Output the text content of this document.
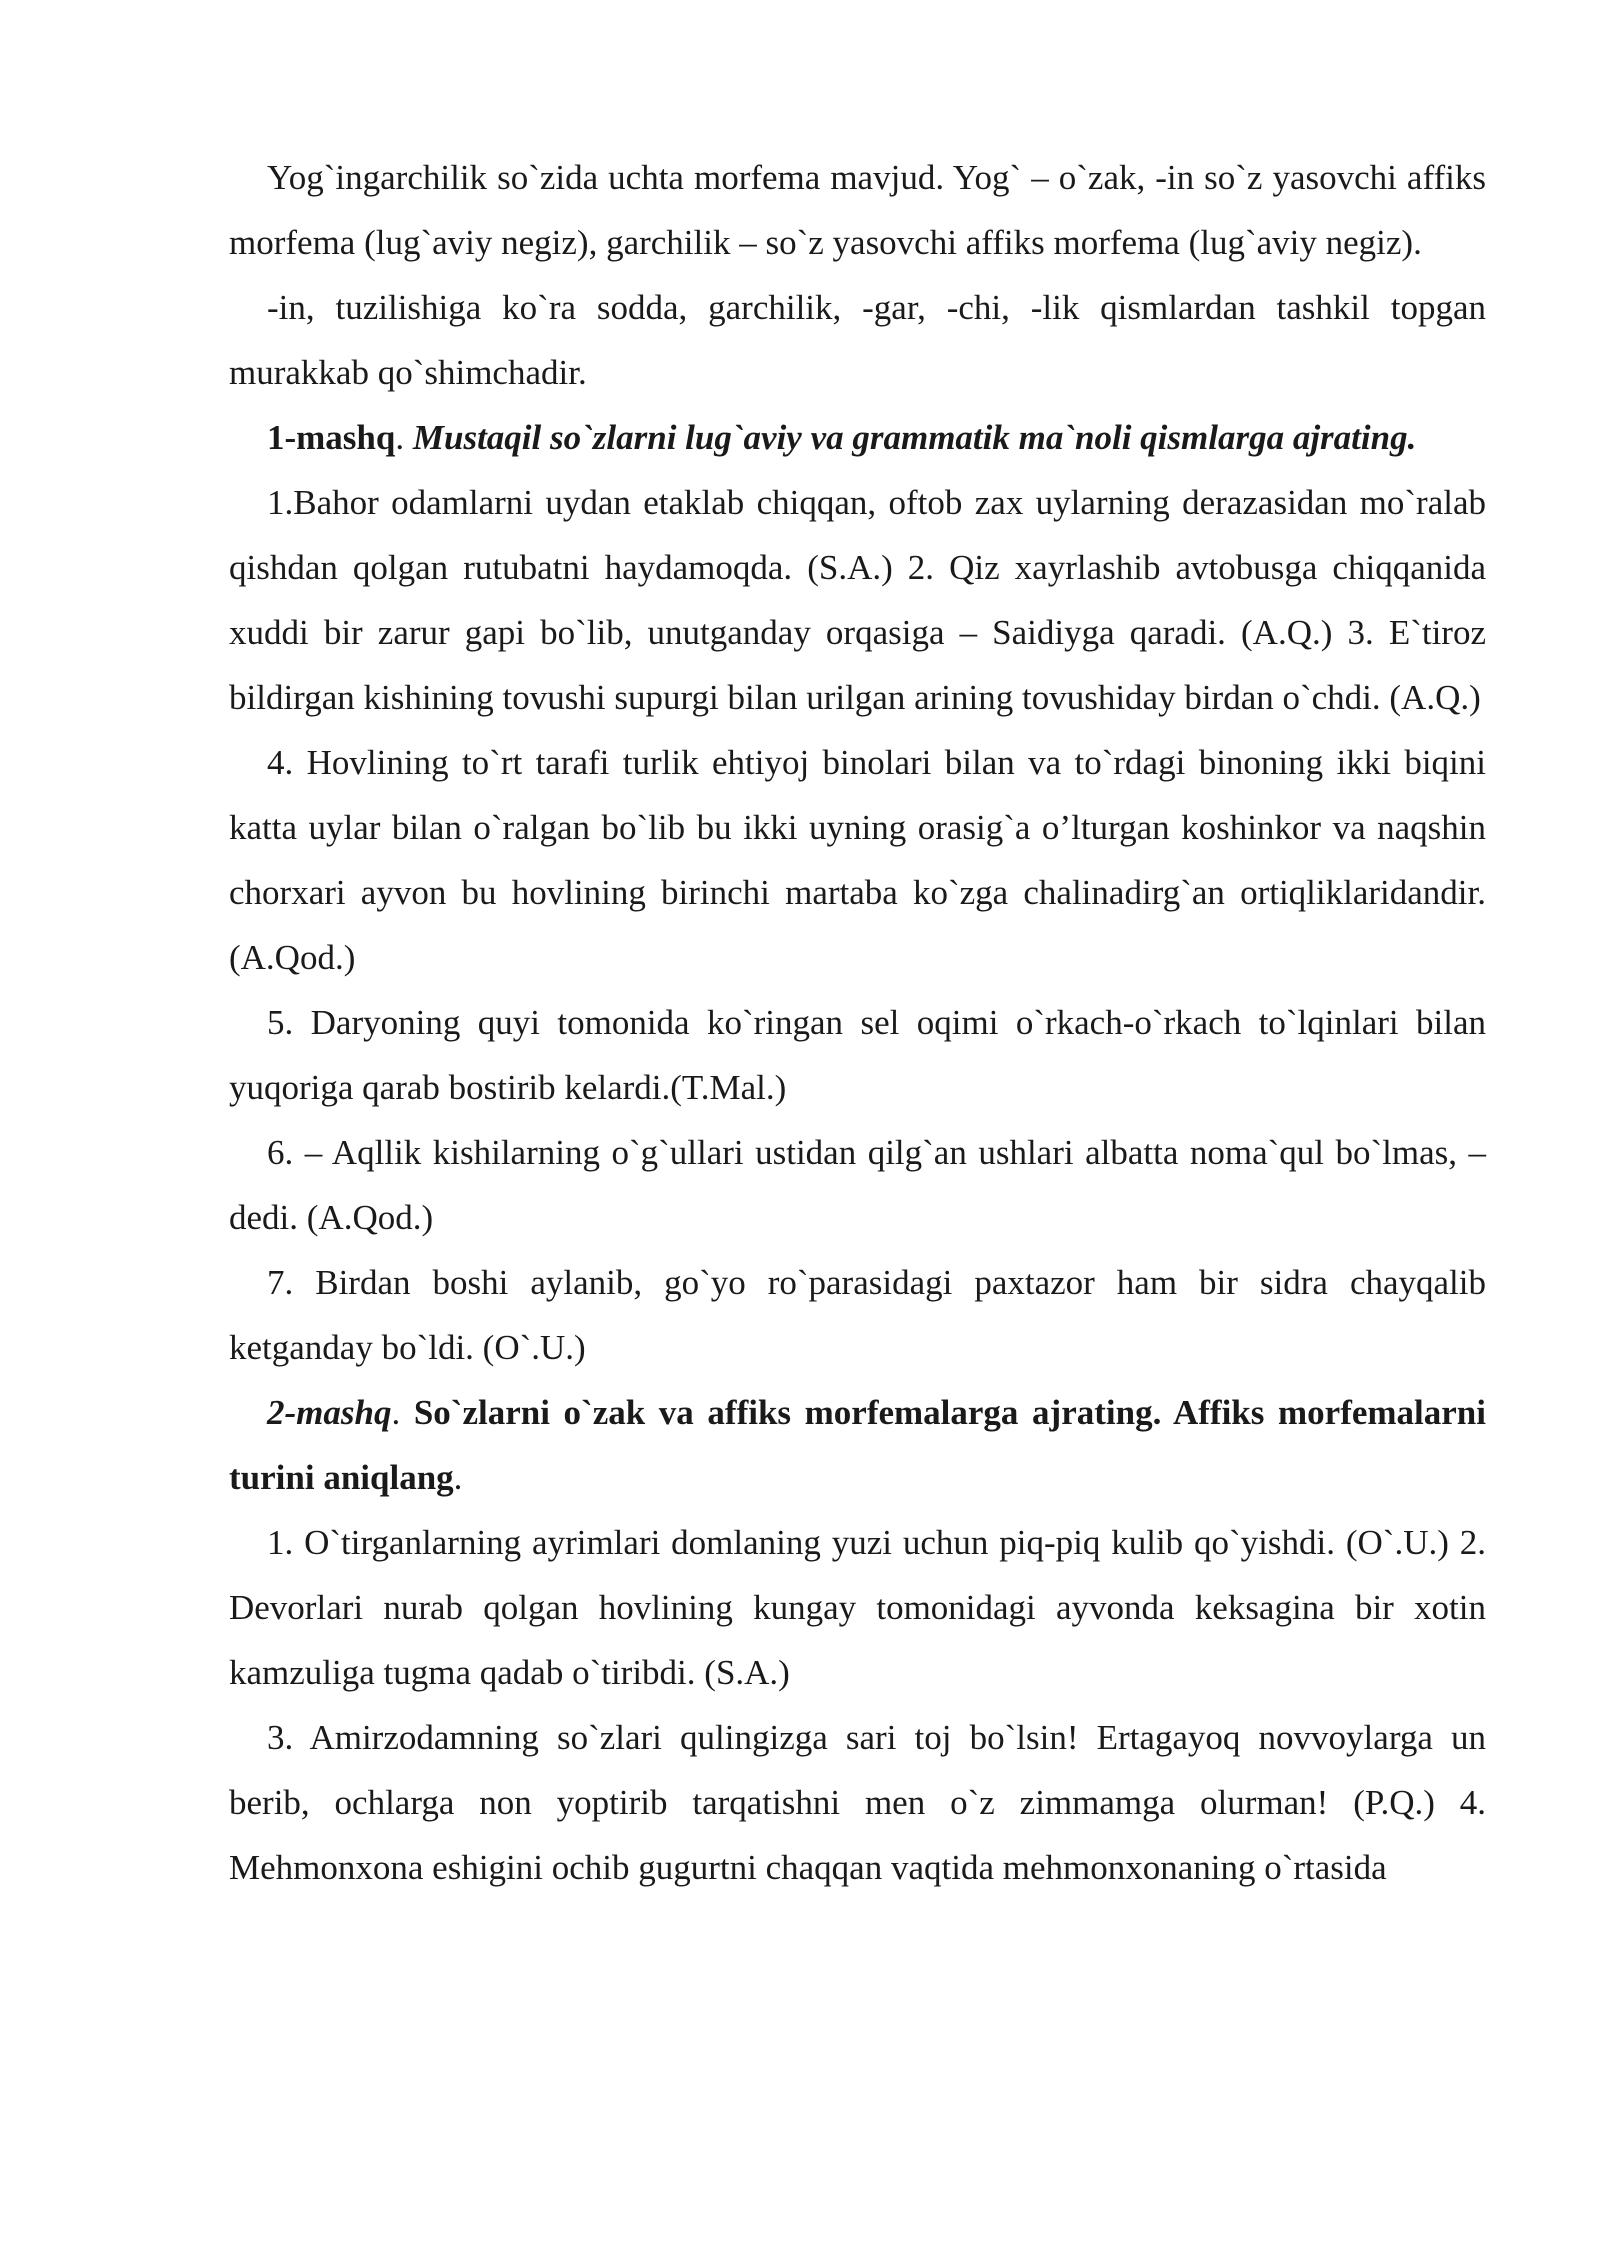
Yog`ingarchilik so`zida uchta morfema mavjud. Yog` – o`zak, -in so`z yasovchi affiks morfema (lug`aviy negiz), garchilik – so`z yasovchi affiks morfema (lug`aviy negiz).

-in, tuzilishiga ko`ra sodda, garchilik, -gar, -chi, -lik qismlardan tashkil topgan murakkab qo`shimchadir.

1-mashq. Mustaqil so`zlarni lug`aviy va grammatik ma`noli qismlarga ajrating.

1.Bahor odamlarni uydan etaklab chiqqan, oftob zax uylarning derazasidan mo`ralab qishdan qolgan rutubatni haydamoqda. (S.A.) 2. Qiz xayrlashib avtobusga chiqqanida xuddi bir zarur gapi bo`lib, unutganday orqasiga – Saidiyga qaradi. (A.Q.) 3. E`tiroz bildirgan kishining tovushi supurgi bilan urilgan arining tovushiday birdan o`chdi. (A.Q.)

4. Hovlining to`rt tarafi turlik ehtiyoj binolari bilan va to`rdagi binoning ikki biqini katta uylar bilan o`ralgan bo`lib bu ikki uyning orasig`a o’lturgan koshinkor va naqshin chorxari ayvon bu hovlining birinchi martaba ko`zga chalinadirg`an ortiqliklaridandir. (A.Qod.)

5. Daryoning quyi tomonida ko`ringan sel oqimi o`rkach-o`rkach to`lqinlari bilan yuqoriga qarab bostirib kelardi.(T.Mal.)

6. – Aqllik kishilarning o`g`ullari ustidan qilg`an ushlari albatta noma`qul bo`lmas, – dedi. (A.Qod.)

7. Birdan boshi aylanib, go`yo ro`parasidagi paxtazor ham bir sidra chayqalib ketganday bo`ldi. (O`.U.)

2-mashq. So`zlarni o`zak va affiks morfemalarga ajrating. Affiks morfemalarni turini aniqlang.

1. O`tirganlarning ayrimlari domlaning yuzi uchun piq-piq kulib qo`yishdi. (O`.U.) 2. Devorlari nurab qolgan hovlining kungay tomonidagi ayvonda keksagina bir xotin kamzuliga tugma qadab o`tiribdi. (S.A.)

3. Amirzodamning so`zlari qulingizga sari toj bo`lsin! Ertagayoq novvoylarga un berib, ochlarga non yoptirib tarqatishni men o`z zimmamga olurman! (P.Q.) 4. Mehmonxona eshigini ochib gugurtni chaqqan vaqtida mehmonxonaning o`rtasida
